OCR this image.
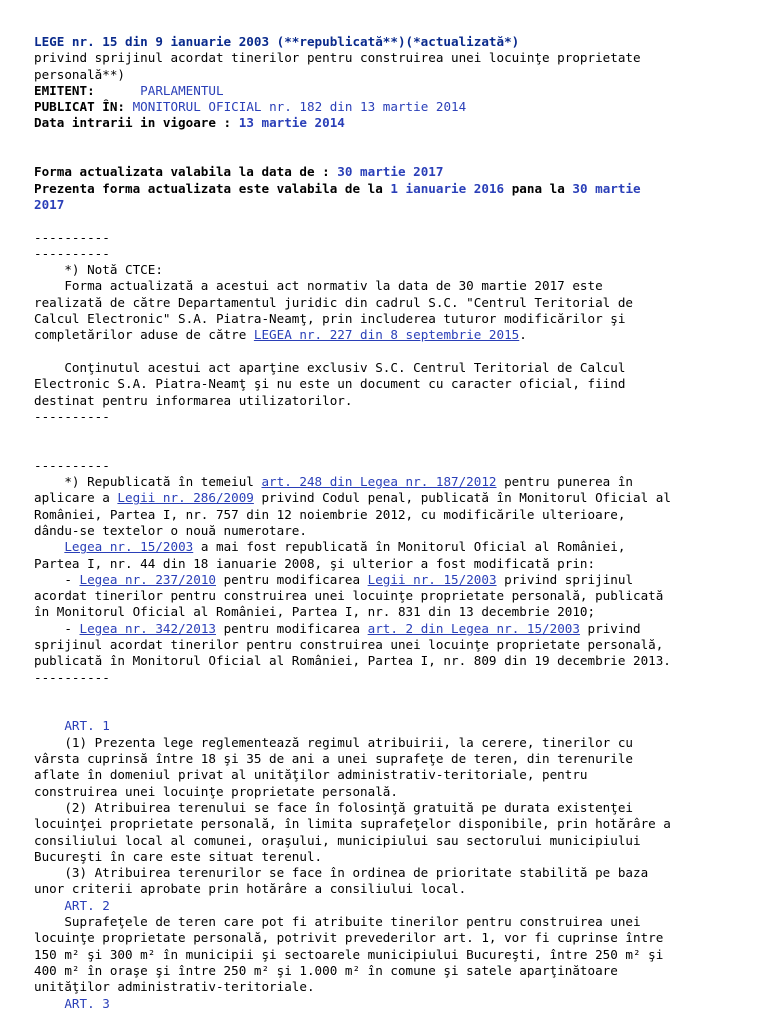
LEGE nr. 15 din 9 ianuarie 2003 (**republicată**)(*actualizată*)
privind sprijinul acordat tinerilor pentru construirea unei locuinţe proprietate
personală**)
EMITENT:	PARLAMENTUL
PUBLICAT ÎN: MONITORUL OFICIAL nr. 182 din 13 martie 2014
Data intrarii in vigoare : 13 martie 2014
Forma actualizata valabila la data de : 30 martie 2017
Prezenta forma actualizata este valabila de la 1 ianuarie 2016 pana la 30 martie
2017
----------
----------
*) Notă CTCE:
Forma actualizată a acestui act normativ la data de 30 martie 2017 este
realizată de către Departamentul juridic din cadrul S.C. "Centrul Teritorial de
Calcul Electronic" S.A. Piatra-Neamţ, prin includerea tuturor modificărilor şi
completărilor aduse de către LEGEA nr. 227 din 8 septembrie 2015.
Conţinutul acestui act aparţine exclusiv S.C. Centrul Teritorial de Calcul
Electronic S.A. Piatra-Neamţ şi nu este un document cu caracter oficial, fiind
destinat pentru informarea utilizatorilor.
----------
----------
*) Republicată în temeiul art. 248 din Legea nr. 187/2012 pentru punerea în
aplicare a Legii nr. 286/2009 privind Codul penal, publicată în Monitorul Oficial al
României, Partea I, nr. 757 din 12 noiembrie 2012, cu modificările ulterioare,
dându-se textelor o nouă numerotare.
Legea nr. 15/2003 a mai fost republicată în Monitorul Oficial al României,
Partea I, nr. 44 din 18 ianuarie 2008, şi ulterior a fost modificată prin:
- Legea nr. 237/2010 pentru modificarea Legii nr. 15/2003 privind sprijinul
acordat tinerilor pentru construirea unei locuinţe proprietate personală, publicată
în Monitorul Oficial al României, Partea I, nr. 831 din 13 decembrie 2010;
- Legea nr. 342/2013 pentru modificarea art. 2 din Legea nr. 15/2003 privind
sprijinul acordat tinerilor pentru construirea unei locuinţe proprietate personală,
publicată în Monitorul Oficial al României, Partea I, nr. 809 din 19 decembrie 2013.
----------
ART. 1
(1) Prezenta lege reglementează regimul atribuirii, la cerere, tinerilor cu
vârsta cuprinsă între 18 şi 35 de ani a unei suprafeţe de teren, din terenurile
aflate în domeniul privat al unităţilor administrativ-teritoriale, pentru
construirea unei locuinţe proprietate personală.
(2) Atribuirea terenului se face în folosinţă gratuită pe durata existenţei
locuinţei proprietate personală, în limita suprafeţelor disponibile, prin hotărâre a
consiliului local al comunei, oraşului, municipiului sau sectorului municipiului
Bucureşti în care este situat terenul.
(3) Atribuirea terenurilor se face în ordinea de prioritate stabilită pe baza
unor criterii aprobate prin hotărâre a consiliului local.
ART. 2
Suprafeţele de teren care pot fi atribuite tinerilor pentru construirea unei
locuinţe proprietate personală, potrivit prevederilor art. 1, vor fi cuprinse între
150 m² şi 300 m² în municipii şi sectoarele municipiului Bucureşti, între 250 m² şi
400 m² în oraşe şi între 250 m² şi 1.000 m² în comune şi satele aparţinătoare
unităţilor administrativ-teritoriale.
ART. 3
